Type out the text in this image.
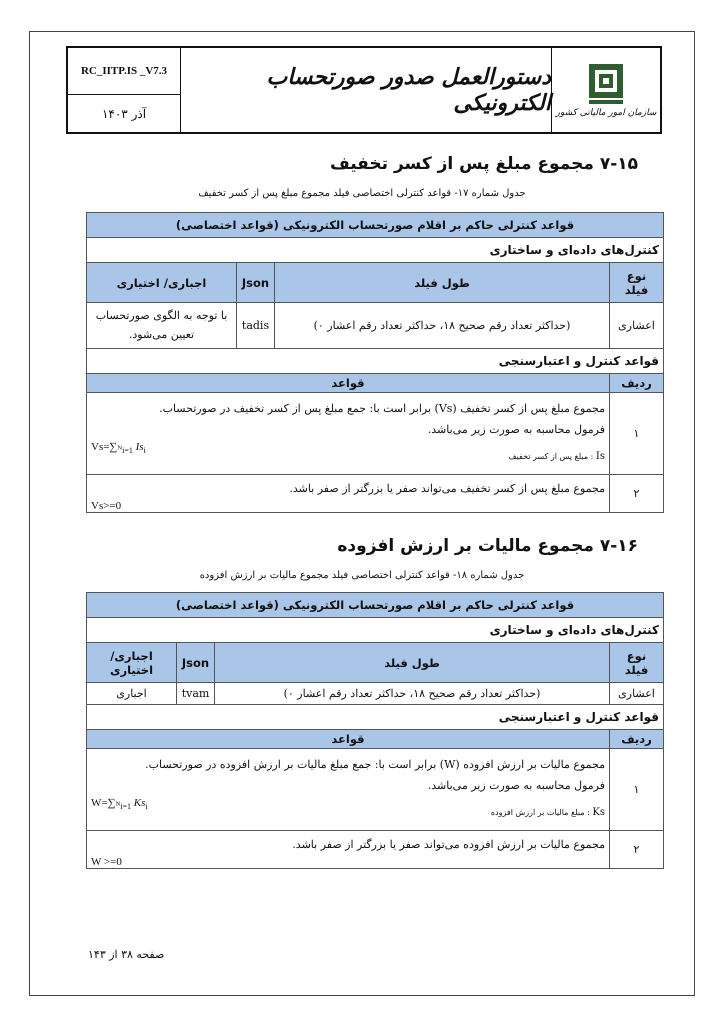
RC_IITP.IS _V7.3
آذر ۱۴۰۳
دستورالعمل صدور صورتحساب الکترونیکی سازمان امور مالیاتی کشور
۷-۱۵ مجموع مبلغ پس از کسر تخفیف
جدول شماره ۱۷- قواعد کنترلی اختصاصی فیلد مجموع مبلغ پس از کسر تخفیف
قواعد کنترلی حاکم بر اقلام صورتحساب الکترونیکی (قواعد اختصاصی)			
کنترل‌های داده‌ای و ساختاری			
نوع فیلد	طول فیلد	Json	اجباری/ اختیاری
اعشاری	(حداکثر تعداد رقم صحیح ۱۸، حداکثر تعداد رقم اعشار ۰)	tadis	با توجه به الگوی صورتحساب تعیین می‌شود.
قواعد کنترل و اعتبارسنجی			
ردیف	قواعد		
۱	مجموع مبلغ پس از کسر تخفیف (Vs) برابر است با: جمع مبلغ پس از کسر تخفیف در صورتحساب.
فرمول محاسبه به صورت زیر می‌باشد.
$Vs=\sum_{^Ni=1}$ $Is_i$
Is : مبلغ پس از کسر تخفیف		

۲	مجموع مبلغ پس از کسر تخفیف می‌تواند صفر یا بزرگتر از صفر باشد.
Vs>=0		
۷-۱۶ مجموع مالیات بر ارزش افزوده
جدول شماره ۱۸- قواعد کنترلی اختصاصی فیلد مجموع مالیات بر ارزش افزوده
قواعد کنترلی حاکم بر اقلام صورتحساب الکترونیکی (قواعد اختصاصی)			
کنترل‌های داده‌ای و ساختاری			
نوع فیلد	طول فیلد	Json	اجباری/ اختیاری
اعشاری	(حداکثر تعداد رقم صحیح ۱۸، حداکثر تعداد رقم اعشار ۰)	tvam	اجباری
قواعد کنترل و اعتبارسنجی			
ردیف	قواعد		
۱	مجموع مالیات بر ارزش افزوده (W) برابر است با: جمع مبلغ مالیات بر ارزش افزوده در صورتحساب.
فرمول محاسبه به صورت زیر می‌باشد.
$W=\sum_{^Ni=1}$ $Ks_i$
Ks : مبلغ مالیات بر ارزش افزوده		

۲	مجموع مالیات بر ارزش افزوده می‌تواند صفر یا بزرگتر از صفر باشد.
W >=0		
صفحه ۳۸ از ۱۴۳
